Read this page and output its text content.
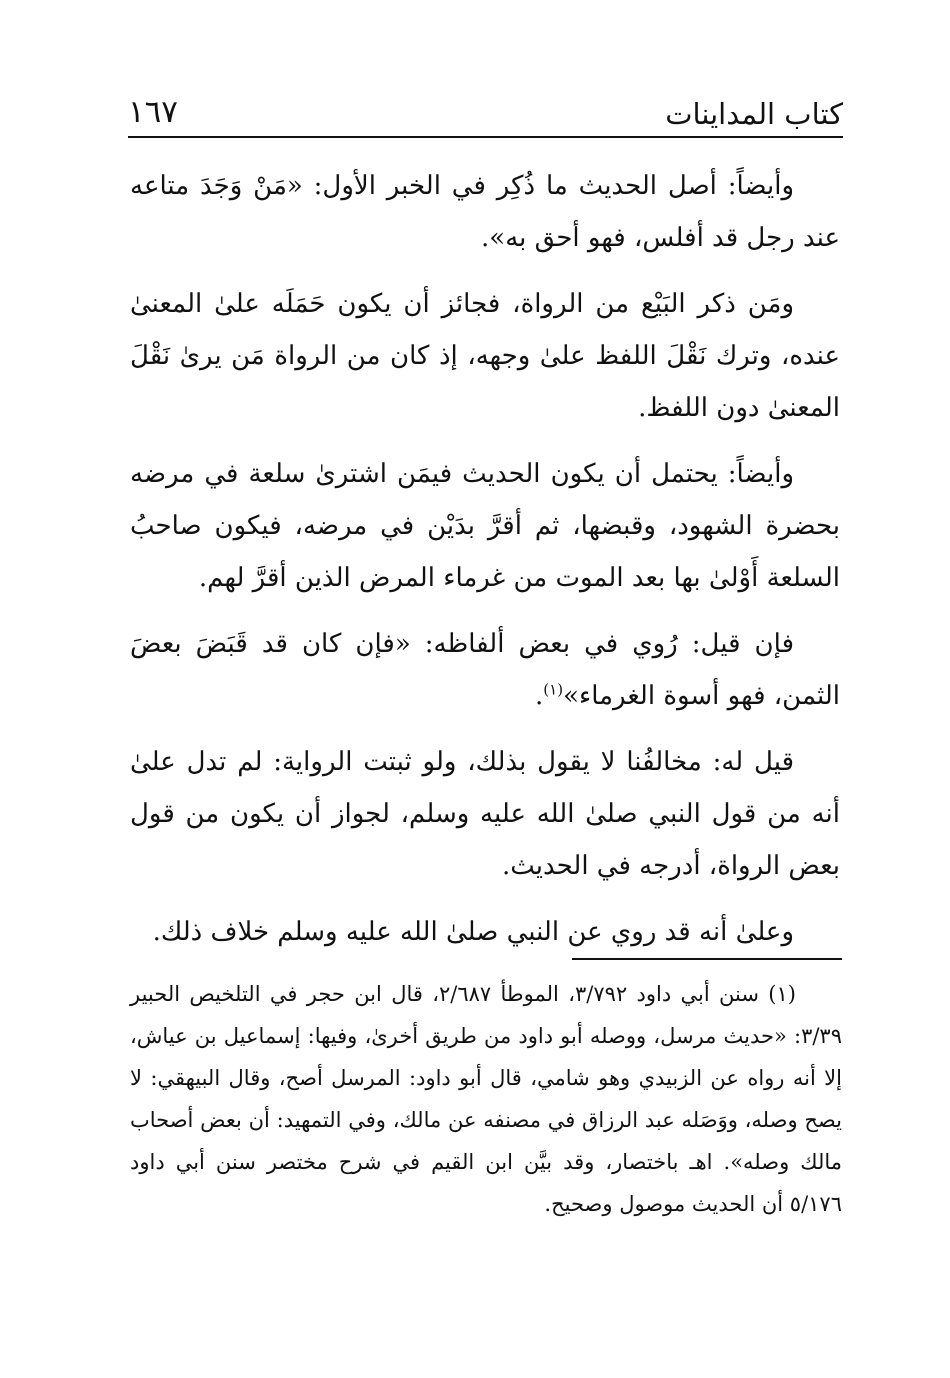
كتاب المداينات
١٦٧

وأيضاً: أصل الحديث ما ذُكِر في الخبر الأول: «مَنْ وَجَدَ متاعه عند رجل قد أفلس، فهو أحق به».

ومَن ذكر البَيْع من الرواة، فجائز أن يكون حَمَلَه علىٰ المعنىٰ عنده، وترك نَقْلَ اللفظ علىٰ وجهه، إذ كان من الرواة مَن يرىٰ نَقْلَ المعنىٰ دون اللفظ.

وأيضاً: يحتمل أن يكون الحديث فيمَن اشترىٰ سلعة في مرضه بحضرة الشهود، وقبضها، ثم أقرَّ بدَيْن في مرضه، فيكون صاحبُ السلعة أَوْلىٰ بها بعد الموت من غرماء المرض الذين أقرَّ لهم.

فإن قيل: رُوي في بعض ألفاظه: «فإن كان قد قَبَضَ بعضَ الثمن، فهو أسوة الغرماء»$^{(١)}$.

قيل له: مخالفُنا لا يقول بذلك، ولو ثبتت الرواية: لم تدل علىٰ أنه من قول النبي صلىٰ الله عليه وسلم، لجواز أن يكون من قول بعض الرواة، أدرجه في الحديث.

وعلىٰ أنه قد روي عن النبي صلىٰ الله عليه وسلم خلاف ذلك.

(١) سنن أبي داود ٣/٧٩٢، الموطأ ٢/٦٨٧، قال ابن حجر في التلخيص الحبير ٣/٣٩: «حديث مرسل، ووصله أبو داود من طريق أخرىٰ، وفيها: إسماعيل بن عياش، إلا أنه رواه عن الزبيدي وهو شامي، قال أبو داود: المرسل أصح، وقال البيهقي: لا يصح وصله، ووَصَله عبد الرزاق في مصنفه عن مالك، وفي التمهيد: أن بعض أصحاب مالك وصله». اهـ باختصار، وقد بيَّن ابن القيم في شرح مختصر سنن أبي داود ٥/١٧٦ أن الحديث موصول وصحيح.
